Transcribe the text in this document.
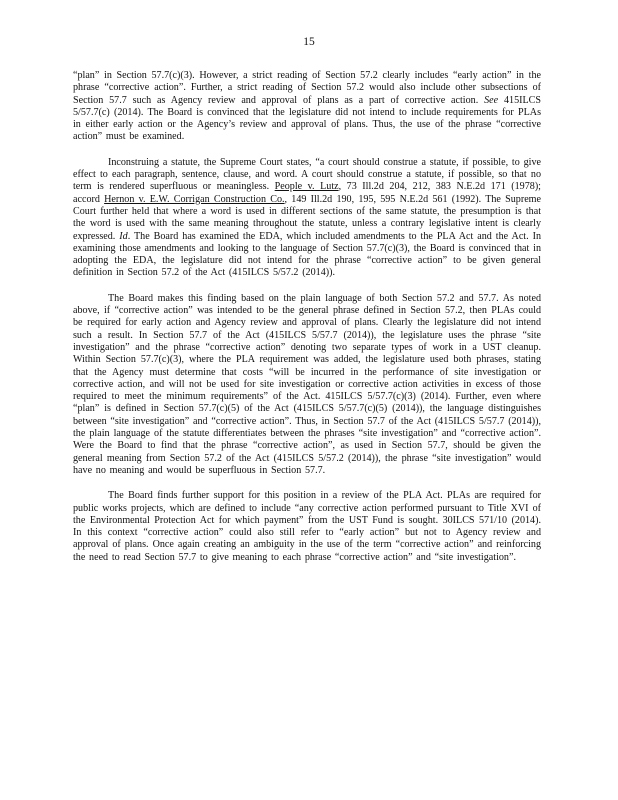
15

“plan” in Section 57.7(c)(3). However, a strict reading of Section 57.2 clearly includes “early action” in the phrase “corrective action”. Further, a strict reading of Section 57.2 would also include other subsections of Section 57.7 such as Agency review and approval of plans as a part of corrective action. See 415ILCS 5/57.7(c) (2014). The Board is convinced that the legislature did not intend to include requirements for PLAs in either early action or the Agency’s review and approval of plans. Thus, the use of the phrase “corrective action” must be examined.

Inconstruing a statute, the Supreme Court states, “a court should construe a statute, if possible, to give effect to each paragraph, sentence, clause, and word. A court should construe a statute, if possible, so that no term is rendered superfluous or meaningless. People v. Lutz, 73 Ill.2d 204, 212, 383 N.E.2d 171 (1978); accord Hernon v. E.W. Corrigan Construction Co., 149 Ill.2d 190, 195, 595 N.E.2d 561 (1992). The Supreme Court further held that where a word is used in different sections of the same statute, the presumption is that the word is used with the same meaning throughout the statute, unless a contrary legislative intent is clearly expressed. Id. The Board has examined the EDA, which included amendments to the PLA Act and the Act. In examining those amendments and looking to the language of Section 57.7(c)(3), the Board is convinced that in adopting the EDA, the legislature did not intend for the phrase “corrective action” to be given general definition in Section 57.2 of the Act (415ILCS 5/57.2 (2014)).

The Board makes this finding based on the plain language of both Section 57.2 and 57.7. As noted above, if “corrective action” was intended to be the general phrase defined in Section 57.2, then PLAs could be required for early action and Agency review and approval of plans. Clearly the legislature did not intend such a result. In Section 57.7 of the Act (415ILCS 5/57.7 (2014)), the legislature uses the phrase “site investigation” and the phrase “corrective action” denoting two separate types of work in a UST cleanup. Within Section 57.7(c)(3), where the PLA requirement was added, the legislature used both phrases, stating that the Agency must determine that costs “will be incurred in the performance of site investigation or corrective action, and will not be used for site investigation or corrective action activities in excess of those required to meet the minimum requirements” of the Act. 415ILCS 5/57.7(c)(3) (2014). Further, even where “plan” is defined in Section 57.7(c)(5) of the Act (415ILCS 5/57.7(c)(5) (2014)), the language distinguishes between “site investigation” and “corrective action”. Thus, in Section 57.7 of the Act (415ILCS 5/57.7 (2014)), the plain language of the statute differentiates between the phrases “site investigation” and “corrective action”. Were the Board to find that the phrase “corrective action”, as used in Section 57.7, should be given the general meaning from Section 57.2 of the Act (415ILCS 5/57.2 (2014)), the phrase “site investigation” would have no meaning and would be superfluous in Section 57.7.

The Board finds further support for this position in a review of the PLA Act. PLAs are required for public works projects, which are defined to include “any corrective action performed pursuant to Title XVI of the Environmental Protection Act for which payment” from the UST Fund is sought. 30ILCS 571/10 (2014). In this context “corrective action” could also still refer to “early action” but not to Agency review and approval of plans. Once again creating an ambiguity in the use of the term “corrective action” and reinforcing the need to read Section 57.7 to give meaning to each phrase “corrective action” and “site investigation”.
